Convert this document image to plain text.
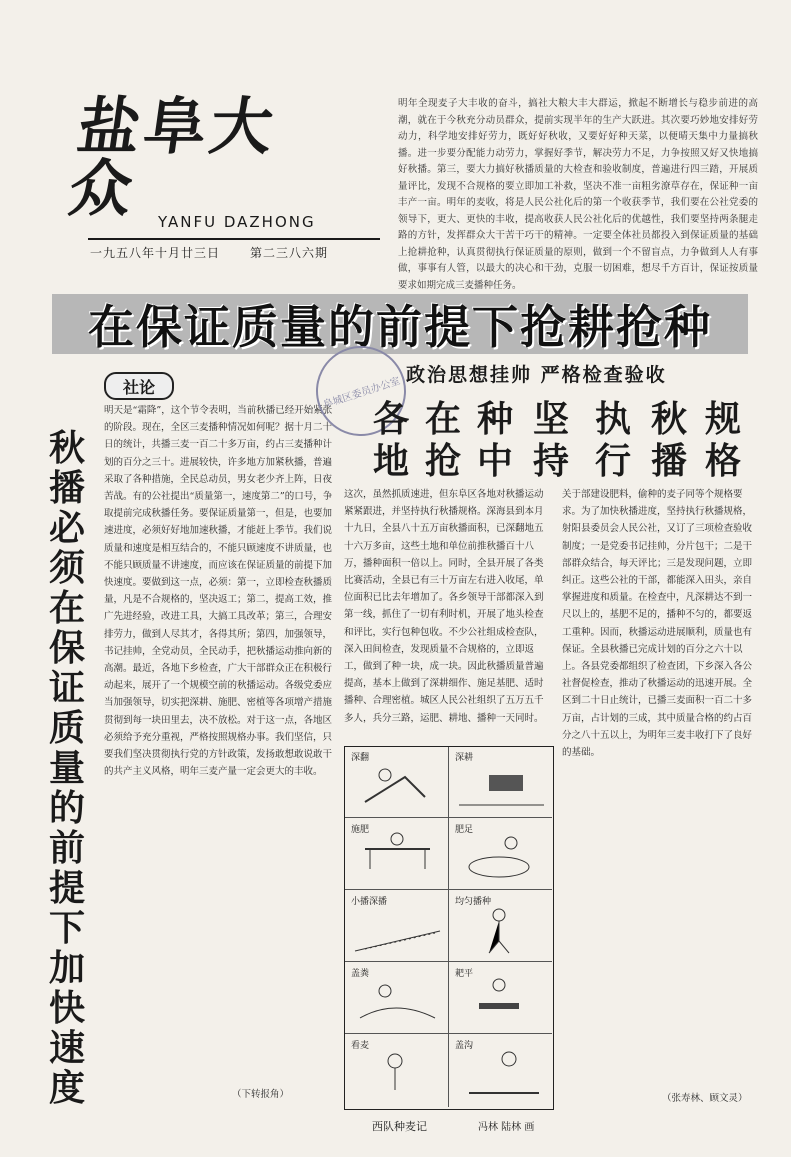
盐阜大众	YANFU DAZHONG
一九五八年十月廿三日 第二三八六期
明年全现麦子大丰收的奋斗，搞社大粮大丰大群运，掀起不断增长与稳步前进的高潮，就在于今秋充分动员群众，提前实现半年的生产大跃进。其次要巧妙地安排好劳动力，科学地安排好劳力，既好好秋收，又要好好种天菜，以便晴天集中力量搞秋播。进一步要分配能力动劳力，掌握好季节，解决劳力不足，力争按照又好又快地搞好秋播。第三，要大力搞好秋播质量的大检查和验收制度，普遍进行四三踏，开展质量评比，发现不合规格的要立即加工补救，坚决不准一亩粗劣潦草存在，保证种一亩丰产一亩。明年的麦收，将是人民公社化后的第一个收获季节，我们要在公社党委的领导下，更大、更快的丰收，提高收获人民公社化后的优越性，我们要坚持两条腿走路的方针，发挥群众大干苦干巧干的精神。一定要全体社员都投入到保证质量的基础上抢耕抢种，认真贯彻执行保证质量的原则，做到一个不留盲点，力争做到人人有事做，事事有人管，以最大的决心和干劲，克服一切困难，想尽千方百计，保证按质量要求如期完成三麦播种任务。
在保证质量的前提下抢耕抢种
社论
秋播必须在保证质量的前提下加快速度
明天是“霜降”，这个节令表明，当前秋播已经开始紧张的阶段。现在，全区三麦播种情况如何呢？据十月二十日的统计，共播三麦一百二十多万亩，约占三麦播种计划的百分之三十。进展较快，许多地方加紧秋播，普遍采取了各种措施，全民总动员，男女老少齐上阵，日夜苦战。有的公社提出“质量第一，速度第二”的口号，争取提前完成秋播任务。要保证质量第一，但是，也要加速进度，必须好好地加速秋播，才能赶上季节。我们说质量和速度是相互结合的，不能只顾速度不讲质量，也不能只顾质量不讲速度，而应该在保证质量的前提下加快速度。要做到这一点，必须：第一，立即检查秋播质量，凡是不合规格的，坚决返工；第二，提高工效，推广先进经验，改进工具，大搞工具改革；第三，合理安排劳力，做到人尽其才，各得其所；第四，加强领导，书记挂帅，全党动员，全民动手，把秋播运动推向新的高潮。最近，各地下乡检查，广大干部群众正在积极行动起来，展开了一个规模空前的秋播运动。各级党委应当加强领导，切实把深耕、施肥、密植等各项增产措施贯彻到每一块田里去，决不放松。对于这一点，各地区必须给予充分重视，严格按照规格办事。我们坚信，只要我们坚决贯彻执行党的方针政策，发扬敢想敢说敢干的共产主义风格，明年三麦产量一定会更大的丰收。
（下转报角）
阜城区委员办公室
政治思想挂帅 严格检查验收
各地
在抢
种中
坚持
执行
秋播
规格
这次，虽然抓质速进，但东阜区各地对秋播运动紧紧跟进，并坚持执行秋播规格。深海县到本月十九日，全县八十五万亩秋播面积，已深翻地五十六万多亩，这些土地和单位前推秋播百十八万，播种面积一倍以上。同时，全县开展了各类比赛活动，全县已有三十万亩左右进入收尾，单位面积已比去年增加了。各乡领导干部都深入到第一线，抓住了一切有利时机，开展了地头检查和评比，实行包种包收。不少公社组成检查队，深入田间检查，发现质量不合规格的，立即返工，做到了种一块，成一块。因此秋播质量普遍提高，基本上做到了深耕细作、施足基肥、适时播种、合理密植。城区人民公社组织了五万五千多人，兵分三路，运肥、耕地、播种一天同时。
关于部建设肥料，偷种的麦子同等个规格要求。为了加快秋播进度，坚持执行秋播规格，射阳县委员会人民公社，又订了三项检查验收制度；一是党委书记挂帅，分片包干；二是干部群众结合，每天评比；三是发现问题，立即纠正。这些公社的干部，都能深入田头，亲自掌握进度和质量。在检查中，凡深耕达不到一尺以上的，基肥不足的，播种不匀的，都要返工重种。因而，秋播运动进展顺利，质量也有保证。全县秋播已完成计划的百分之六十以上。各县党委都组织了检查团，下乡深入各公社督促检查，推动了秋播运动的迅速开展。全区到二十日止统计，已播三麦面积一百二十多万亩，占计划的三成，其中质量合格的约占百分之八十五以上，为明年三麦丰收打下了良好的基础。
（张寿林、顾文灵）
深翻	深耕
施肥	肥足
小播深播	均匀播种
盖粪	耙平
看麦	盖沟
西队种麦记	冯林 陆林 画
